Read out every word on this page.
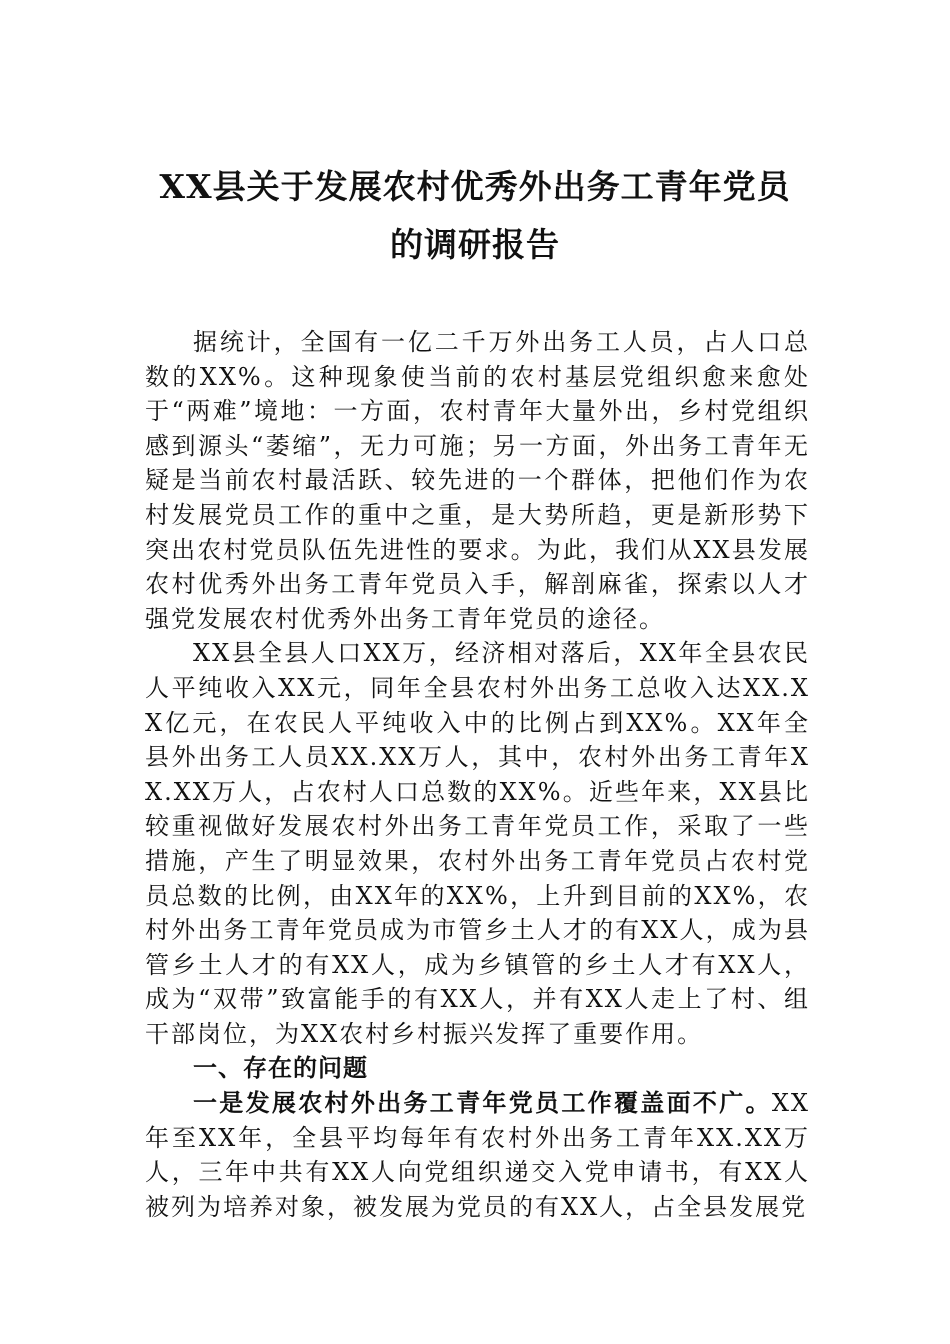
XX县关于发展农村优秀外出务工青年党员
的调研报告

据统计，全国有一亿二千万外出务工人员，占人口总数的XX%。这种现象使当前的农村基层党组织愈来愈处于“两难”境地：一方面，农村青年大量外出，乡村党组织感到源头“萎缩”，无力可施；另一方面，外出务工青年无疑是当前农村最活跃、较先进的一个群体，把他们作为农村发展党员工作的重中之重，是大势所趋，更是新形势下突出农村党员队伍先进性的要求。为此，我们从XX县发展农村优秀外出务工青年党员入手，解剖麻雀，探索以人才强党发展农村优秀外出务工青年党员的途径。

XX县全县人口XX万，经济相对落后，XX年全县农民人平纯收入XX元，同年全县农村外出务工总收入达XX.XX亿元，在农民人平纯收入中的比例占到XX%。XX年全县外出务工人员XX.XX万人，其中，农村外出务工青年XX.XX万人，占农村人口总数的XX%。近些年来，XX县比较重视做好发展农村外出务工青年党员工作，采取了一些措施，产生了明显效果，农村外出务工青年党员占农村党员总数的比例，由XX年的XX%，上升到目前的XX%，农村外出务工青年党员成为市管乡土人才的有XX人，成为县管乡土人才的有XX人，成为乡镇管的乡土人才有XX人，成为“双带”致富能手的有XX人，并有XX人走上了村、组干部岗位，为XX农村乡村振兴发挥了重要作用。

一、存在的问题

一是发展农村外出务工青年党员工作覆盖面不广。XX年至XX年，全县平均每年有农村外出务工青年XX.XX万人，三年中共有XX人向党组织递交入党申请书，有XX人被列为培养对象，被发展为党员的有XX人，占全县发展党
